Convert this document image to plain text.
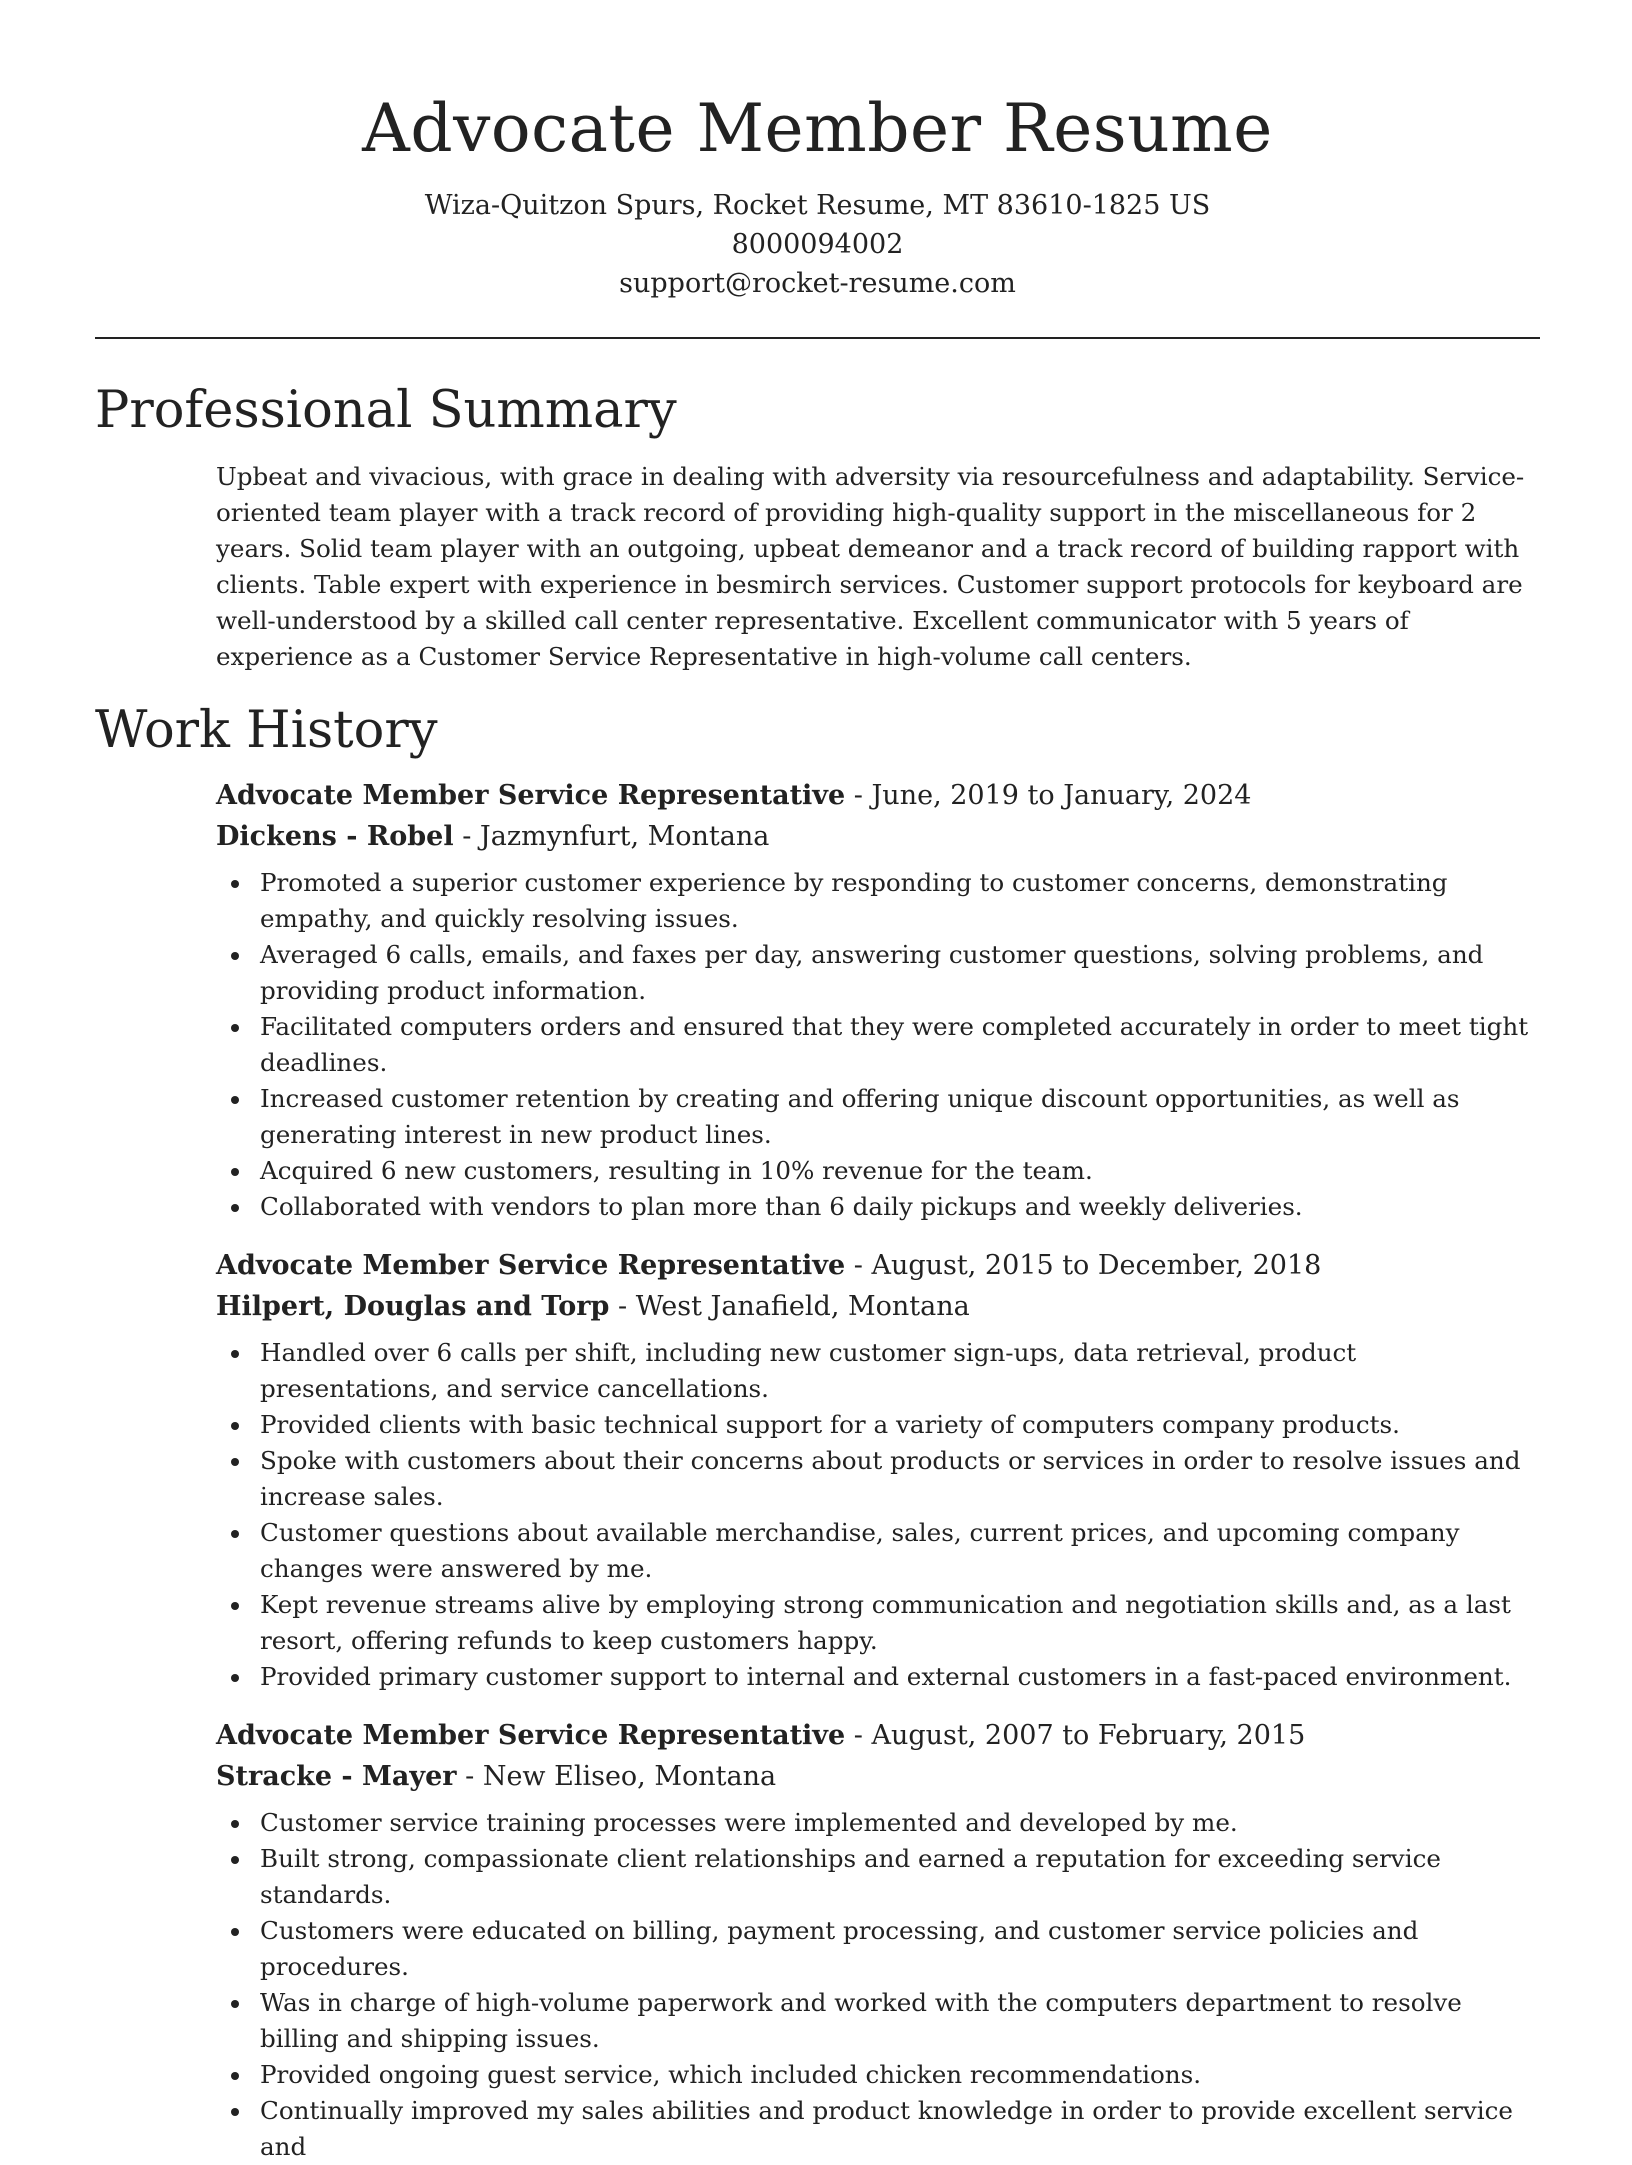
Advocate Member Resume
Wiza-Quitzon Spurs, Rocket Resume, MT 83610-1825 US
8000094002
support@rocket-resume.com
Professional Summary

Upbeat and vivacious, with grace in dealing with adversity via resourcefulness and adaptability. Service-oriented team player with a track record of providing high-quality support in the miscellaneous for 2 years. Solid team player with an outgoing, upbeat demeanor and a track record of building rapport with clients. Table expert with experience in besmirch services. Customer support protocols for keyboard are well-understood by a skilled call center representative. Excellent communicator with 5 years of experience as a Customer Service Representative in high-volume call centers.

Work History
Advocate Member Service Representative - June, 2019 to January, 2024
Dickens - Robel - Jazmynfurt, Montana
Promoted a superior customer experience by responding to customer concerns, demonstrating empathy, and quickly resolving issues.
Averaged 6 calls, emails, and faxes per day, answering customer questions, solving problems, and providing product information.
Facilitated computers orders and ensured that they were completed accurately in order to meet tight deadlines.
Increased customer retention by creating and offering unique discount opportunities, as well as generating interest in new product lines.
Acquired 6 new customers, resulting in 10% revenue for the team.
Collaborated with vendors to plan more than 6 daily pickups and weekly deliveries.
Advocate Member Service Representative - August, 2015 to December, 2018
Hilpert, Douglas and Torp - West Janafield, Montana
Handled over 6 calls per shift, including new customer sign-ups, data retrieval, product presentations, and service cancellations.
Provided clients with basic technical support for a variety of computers company products.
Spoke with customers about their concerns about products or services in order to resolve issues and increase sales.
Customer questions about available merchandise, sales, current prices, and upcoming company changes were answered by me.
Kept revenue streams alive by employing strong communication and negotiation skills and, as a last resort, offering refunds to keep customers happy.
Provided primary customer support to internal and external customers in a fast-paced environment.
Advocate Member Service Representative - August, 2007 to February, 2015
Stracke - Mayer - New Eliseo, Montana
Customer service training processes were implemented and developed by me.
Built strong, compassionate client relationships and earned a reputation for exceeding service standards.
Customers were educated on billing, payment processing, and customer service policies and procedures.
Was in charge of high-volume paperwork and worked with the computers department to resolve billing and shipping issues.
Provided ongoing guest service, which included chicken recommendations.
Continually improved my sales abilities and product knowledge in order to provide excellent service and
